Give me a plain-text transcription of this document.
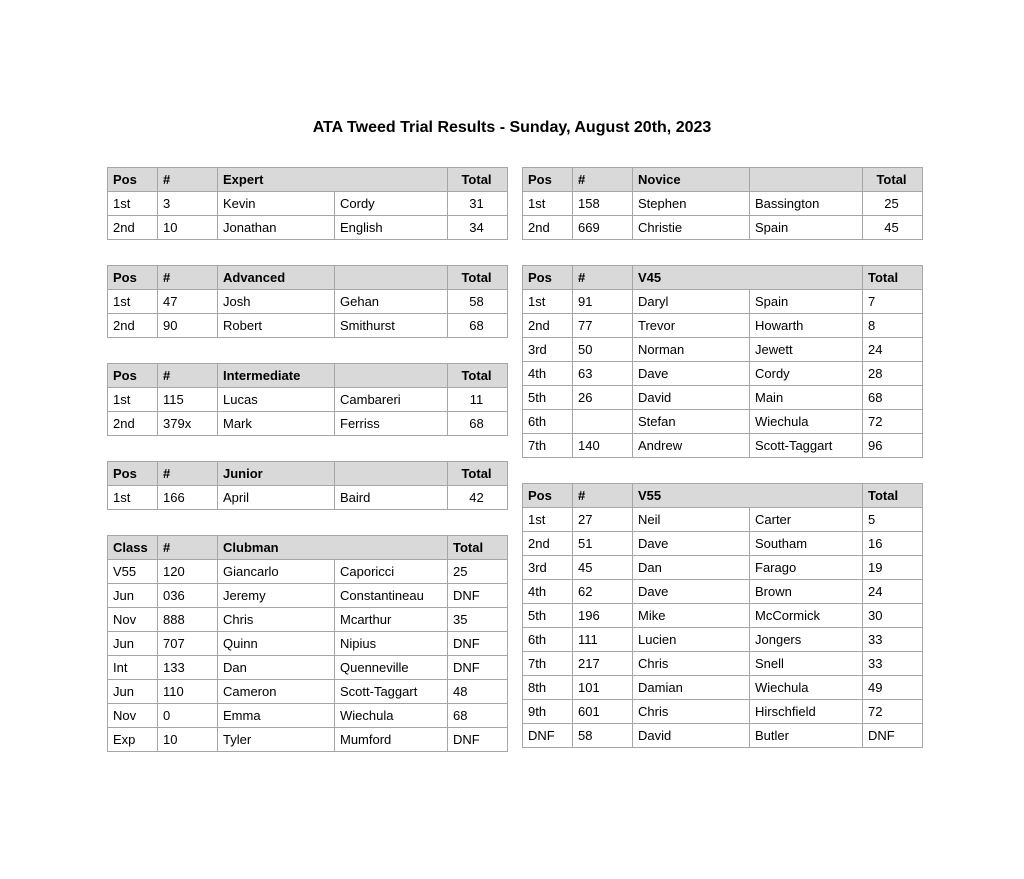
ATA Tweed Trial Results - Sunday, August 20th, 2023
Pos	#	Expert		Total
1st	3	Kevin	Cordy	31
2nd	10	Jonathan	English	34
Pos	#	Advanced		Total
1st	47	Josh	Gehan	58
2nd	90	Robert	Smithurst	68
Pos	#	Intermediate		Total
1st	115	Lucas	Cambareri	11
2nd	379x	Mark	Ferriss	68
Pos	#	Junior		Total
1st	166	April	Baird	42
Class	#	Clubman		Total
V55	120	Giancarlo	Caporicci	25
Jun	036	Jeremy	Constantineau	DNF
Nov	888	Chris	Mcarthur	35
Jun	707	Quinn	Nipius	DNF
Int	133	Dan	Quenneville	DNF
Jun	110	Cameron	Scott-Taggart	48
Nov	0	Emma	Wiechula	68
Exp	10	Tyler	Mumford	DNF
Pos	#	Novice		Total
1st	158	Stephen	Bassington	25
2nd	669	Christie	Spain	45
Pos	#	V45		Total
1st	91	Daryl	Spain	7
2nd	77	Trevor	Howarth	8
3rd	50	Norman	Jewett	24
4th	63	Dave	Cordy	28
5th	26	David	Main	68
6th		Stefan	Wiechula	72
7th	140	Andrew	Scott-Taggart	96
Pos	#	V55		Total
1st	27	Neil	Carter	5
2nd	51	Dave	Southam	16
3rd	45	Dan	Farago	19
4th	62	Dave	Brown	24
5th	196	Mike	McCormick	30
6th	111	Lucien	Jongers	33
7th	217	Chris	Snell	33
8th	101	Damian	Wiechula	49
9th	601	Chris	Hirschfield	72
DNF	58	David	Butler	DNF
